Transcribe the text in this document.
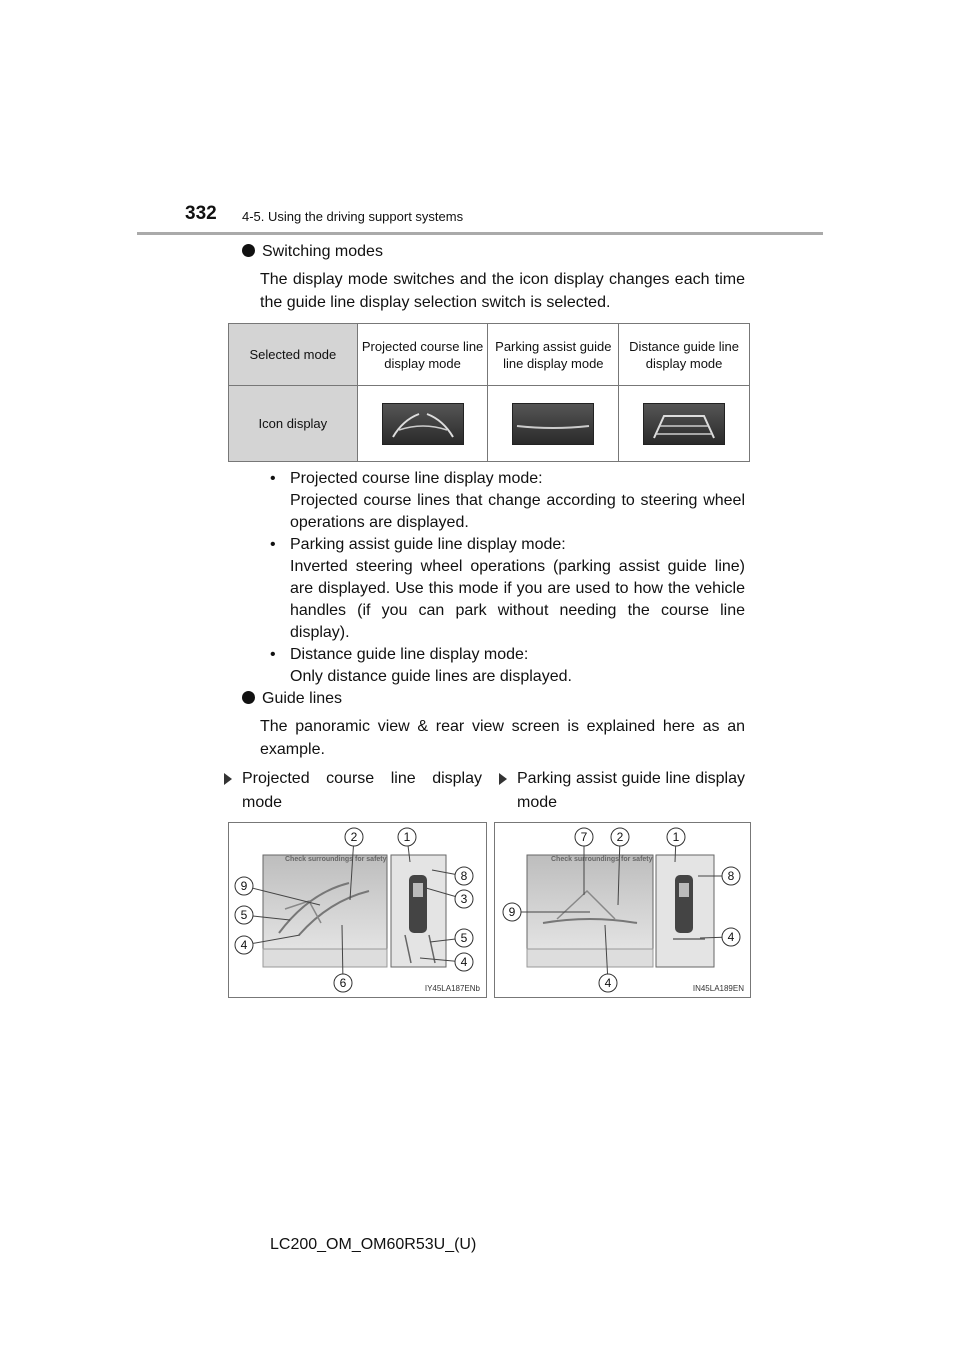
332 4-5. Using the driving support systems
Switching modes
The display mode switches and the icon display changes each time the guide line display selection switch is selected.
Selected mode	Projected course line display mode	Parking assist guide line display mode	Distance guide line display mode
Icon display	

• Projected course line display mode:
Projected course lines that change according to steering wheel operations are displayed.
• Parking assist guide line display mode:
Inverted steering wheel operations (parking assist guide line) are displayed. Use this mode if you are used to how the vehicle handles (if you can park without needing the course line display).
• Distance guide line display mode:
Only distance guide lines are displayed.
Guide lines
The panoramic view & rear view screen is explained here as an example.
Projected course line display mode
Parking assist guide line display mode
Check surroundings for safety.
IY45LA187ENb
Check surroundings for safety.
IN45LA189EN
1
2
3
4
4
5
5
6
8
9
1
2
4
4
7
8
9
LC200_OM_OM60R53U_(U)
